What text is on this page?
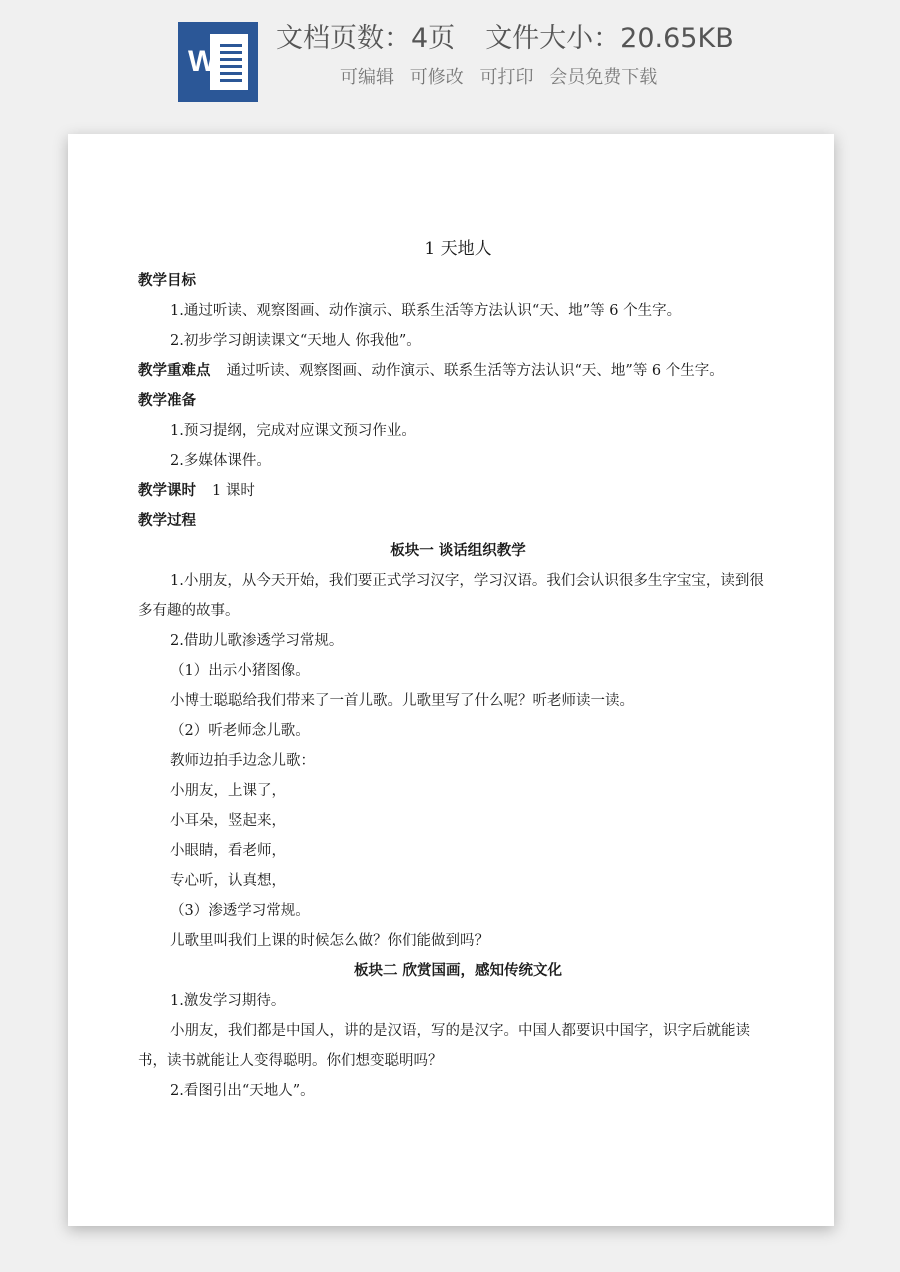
W
文档页数：4页 文件大小：20.65KB
可编辑 可修改 可打印 会员免费下载

1 天地人

教学目标

1.通过听读、观察图画、动作演示、联系生活等方法认识“天、地”等 6 个生字。

2.初步学习朗读课文“天地人 你我他”。

教学重难点 通过听读、观察图画、动作演示、联系生活等方法认识“天、地”等 6 个生字。

教学准备

1.预习提纲，完成对应课文预习作业。

2.多媒体课件。

教学课时 1 课时

教学过程

板块一 谈话组织教学

1.小朋友，从今天开始，我们要正式学习汉字，学习汉语。我们会认识很多生字宝宝，读到很多有趣的故事。

2.借助儿歌渗透学习常规。

（1）出示小猪图像。

小博士聪聪给我们带来了一首儿歌。儿歌里写了什么呢？听老师读一读。

（2）听老师念儿歌。

教师边拍手边念儿歌：

小朋友，上课了，

小耳朵，竖起来，

小眼睛，看老师，

专心听，认真想，

（3）渗透学习常规。

儿歌里叫我们上课的时候怎么做？你们能做到吗？

板块二 欣赏国画，感知传统文化

1.激发学习期待。

小朋友，我们都是中国人，讲的是汉语，写的是汉字。中国人都要识中国字，识字后就能读书，读书就能让人变得聪明。你们想变聪明吗？

2.看图引出“天地人”。
